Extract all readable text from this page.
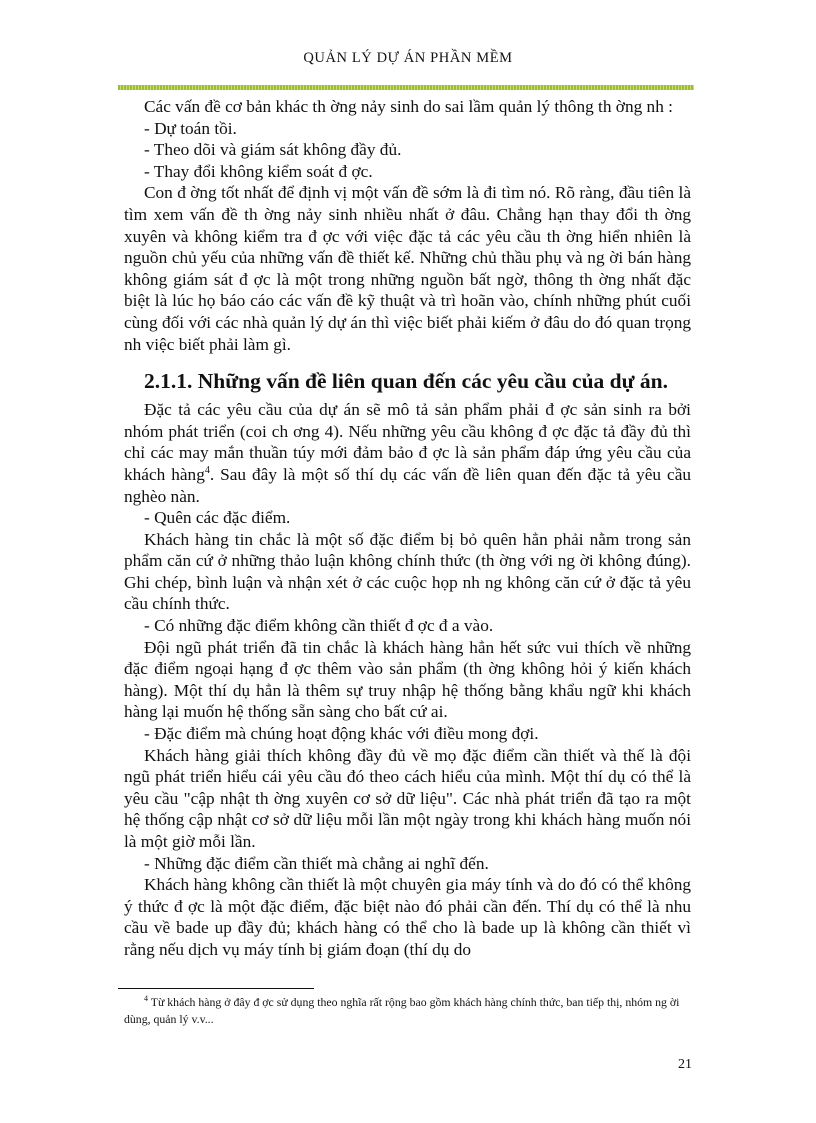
QUẢN LÝ DỰ ÁN PHẦN MỀM

Các vấn đề cơ bản khác th ờng nảy sinh do sai lầm quản lý thông th ờng nh :

- Dự toán tồi.

- Theo dõi và giám sát không đầy đủ.

- Thay đổi không kiểm soát đ ợc.

Con đ ờng tốt nhất để định vị một vấn đề sớm là đi tìm nó. Rõ ràng, đầu tiên là tìm xem vấn đề th ờng nảy sinh nhiều nhất ở đâu. Chẳng hạn thay đổi th ờng xuyên và không kiểm tra đ ợc với việc đặc tả các yêu cầu th ờng hiển nhiên là nguồn chủ yếu của những vấn đề thiết kế. Những chủ thầu phụ và ng ời bán hàng không giám sát đ ợc là một trong những nguồn bất ngờ, thông th ờng nhất đặc biệt là lúc họ báo cáo các vấn đề kỹ thuật và trì hoãn vào, chính những phút cuối cùng đối với các nhà quản lý dự án thì việc biết phải kiếm ở đâu do đó quan trọng nh việc biết phải làm gì.

2.1.1. Những vấn đề liên quan đến các yêu cầu của dự án.

Đặc tả các yêu cầu của dự án sẽ mô tả sản phẩm phải đ ợc sản sinh ra bởi nhóm phát triển (coi ch ơng 4). Nếu những yêu cầu không đ ợc đặc tả đầy đủ thì chỉ các may mắn thuần túy mới đảm bảo đ ợc là sản phẩm đáp ứng yêu cầu của khách hàng$^4$. Sau đây là một số thí dụ các vấn đề liên quan đến đặc tả yêu cầu nghèo nàn.

- Quên các đặc điểm.

Khách hàng tin chắc là một số đặc điểm bị bỏ quên hẳn phải nằm trong sản phẩm căn cứ ở những thảo luận không chính thức (th ờng với ng ời không đúng). Ghi chép, bình luận và nhận xét ở các cuộc họp nh ng không căn cứ ở đặc tả yêu cầu chính thức.

- Có những đặc điểm không cần thiết đ ợc đ a vào.

Đội ngũ phát triển đã tin chắc là khách hàng hẳn hết sức vui thích về những đặc điểm ngoại hạng đ ợc thêm vào sản phẩm (th ờng không hỏi ý kiến khách hàng). Một thí dụ hẳn là thêm sự truy nhập hệ thống bằng khẩu ngữ khi khách hàng lại muốn hệ thống sẵn sàng cho bất cứ ai.

- Đặc điểm mà chúng hoạt động khác với điều mong đợi.

Khách hàng giải thích không đầy đủ về mọ đặc điểm cần thiết và thế là đội ngũ phát triển hiểu cái yêu cầu đó theo cách hiểu của mình. Một thí dụ có thể là yêu cầu "cập nhật th ờng xuyên cơ sở dữ liệu". Các nhà phát triển đã tạo ra một hệ thống cập nhật cơ sở dữ liệu mỗi lần một ngày trong khi khách hàng muốn nói là một giờ mỗi lần.

- Những đặc điểm cần thiết mà chẳng ai nghĩ đến.

Khách hàng không cần thiết là một chuyên gia máy tính và do đó có thể không ý thức đ ợc là một đặc điểm, đặc biệt nào đó phải cần đến. Thí dụ có thể là nhu cầu về bade up đầy đủ; khách hàng có thể cho là bade up là không cần thiết vì rằng nếu dịch vụ máy tính bị giám đoạn (thí dụ do

$^4$ Từ khách hàng ở đây đ ợc sử dụng theo nghĩa rất rộng bao gồm khách hàng chính thức, ban tiếp thị, nhóm ng ời dùng, quản lý v.v...
21
